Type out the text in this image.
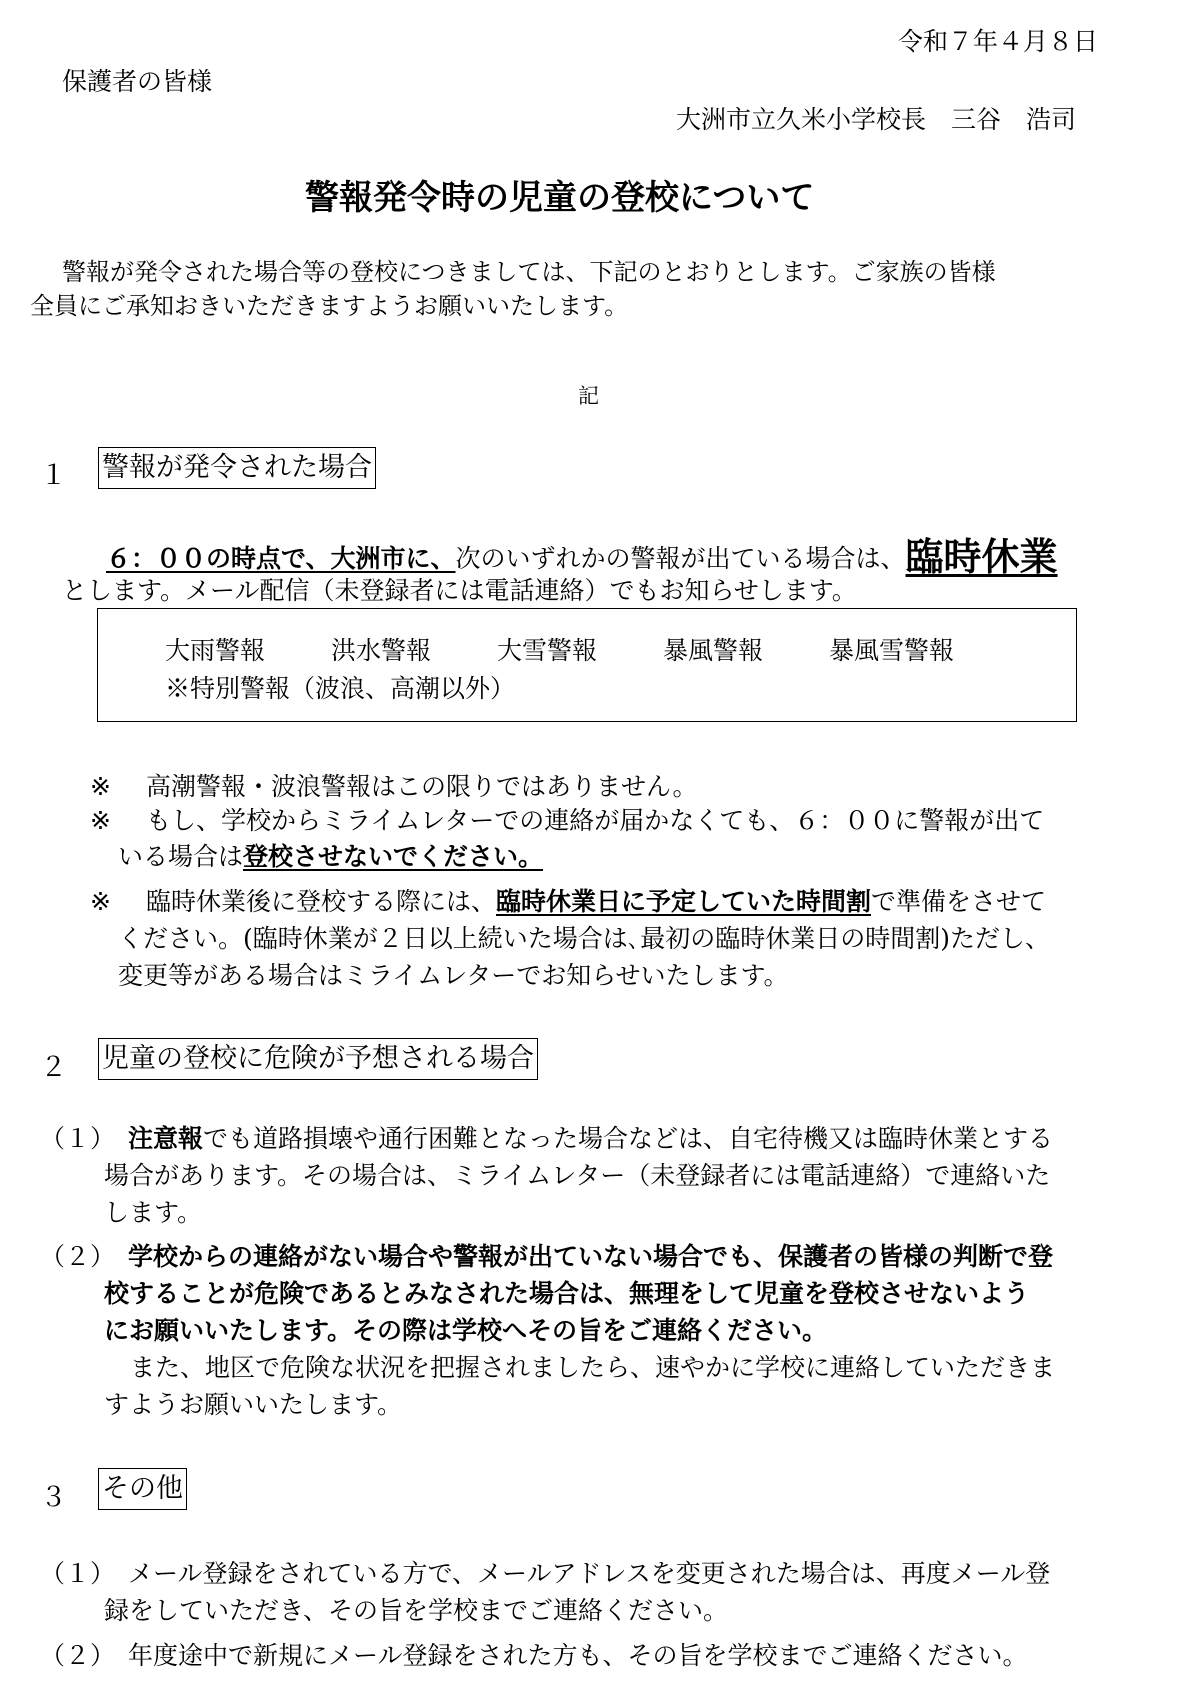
令和７年４月８日
保護者の皆様
大洲市立久米小学校長　三谷　浩司
警報発令時の児童の登校について
警報が発令された場合等の登校につきましては、下記のとおりとします。ご家族の皆様
全員にご承知おきいただきますようお願いいたします。
記
１ 警報が発令された場合
６：００の時点で、大洲市に、次のいずれかの警報が出ている場合は、臨時休業
とします。メール配信（未登録者には電話連絡）でもお知らせします。
大雨警報	洪水警報	大雪警報	暴風警報	暴風雪警報
※特別警報（波浪、高潮以外）
※ 高潮警報・波浪警報はこの限りではありません。
※ もし、学校からミライムレターでの連絡が届かなくても、６：００に警報が出て
いる場合は登校させないでください。
※ 臨時休業後に登校する際には、臨時休業日に予定していた時間割で準備をさせて
ください。(臨時休業が２日以上続いた場合は､最初の臨時休業日の時間割)ただし、
変更等がある場合はミライムレターでお知らせいたします。
２ 児童の登校に危険が予想される場合
（１） 注意報でも道路損壊や通行困難となった場合などは、自宅待機又は臨時休業とする
場合があります。その場合は、ミライムレター（未登録者には電話連絡）で連絡いた
します。
（２） 学校からの連絡がない場合や警報が出ていない場合でも、保護者の皆様の判断で登
校することが危険であるとみなされた場合は、無理をして児童を登校させないよう
にお願いいたします。その際は学校へその旨をご連絡ください。
また、地区で危険な状況を把握されましたら、速やかに学校に連絡していただきま
すようお願いいたします。
３ その他
（１） メール登録をされている方で、メールアドレスを変更された場合は、再度メール登
録をしていただき、その旨を学校までご連絡ください。
（２） 年度途中で新規にメール登録をされた方も、その旨を学校までご連絡ください。
